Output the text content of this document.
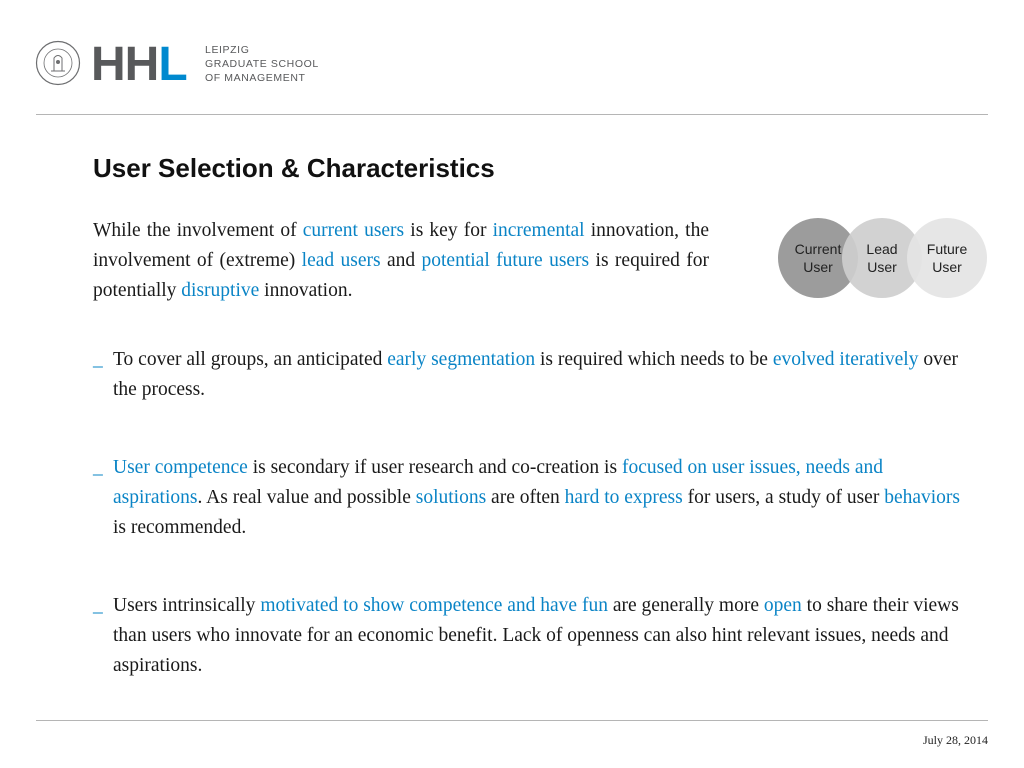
HHL LEIPZIG
GRADUATE SCHOOL
OF MANAGEMENT
User Selection & Characteristics
While the involvement of current users is key for incremental innovation, the involvement of (extreme) lead users and potential future users is required for potentially disruptive innovation.
Current User
Lead User
Future User
_ To cover all groups, an anticipated early segmentation is required which needs to be evolved iteratively over the process.
_ User competence is secondary if user research and co-creation is focused on user issues, needs and aspirations. As real value and possible solutions are often hard to express for users, a study of user behaviors is recommended.
_ Users intrinsically motivated to show competence and have fun are generally more open to share their views than users who innovate for an economic benefit. Lack of openness can also hint relevant issues, needs and aspirations.
July 28, 2014
